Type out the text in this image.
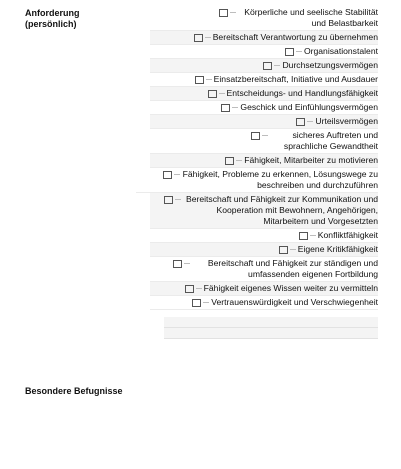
Anforderung (persönlich)
Körperliche und seelische Stabilität und Belastbarkeit
Bereitschaft Verantwortung zu übernehmen
Organisationstalent
Durchsetzungsvermögen
Einsatzbereitschaft, Initiative und Ausdauer
Entscheidungs- und Handlungsfähigkeit
Geschick und Einfühlungsvermögen
Urteilsvermögen
sicheres Auftreten und sprachliche Gewandtheit
Fähigkeit, Mitarbeiter zu motivieren
Fähigkeit, Probleme zu erkennen, Lösungswege zu beschreiben und durchzuführen
Bereitschaft und Fähigkeit zur Kommunikation und Kooperation mit Bewohnern, Angehörigen, Mitarbeitern und Vorgesetzten
Konfliktfähigkeit
Eigene Kritikfähigkeit
Bereitschaft und Fähigkeit zur ständigen und umfassenden eigenen Fortbildung
Fähigkeit eigenes Wissen weiter zu vermitteln
Vertrauenswürdigkeit und Verschwiegenheit
Besondere Befugnisse
